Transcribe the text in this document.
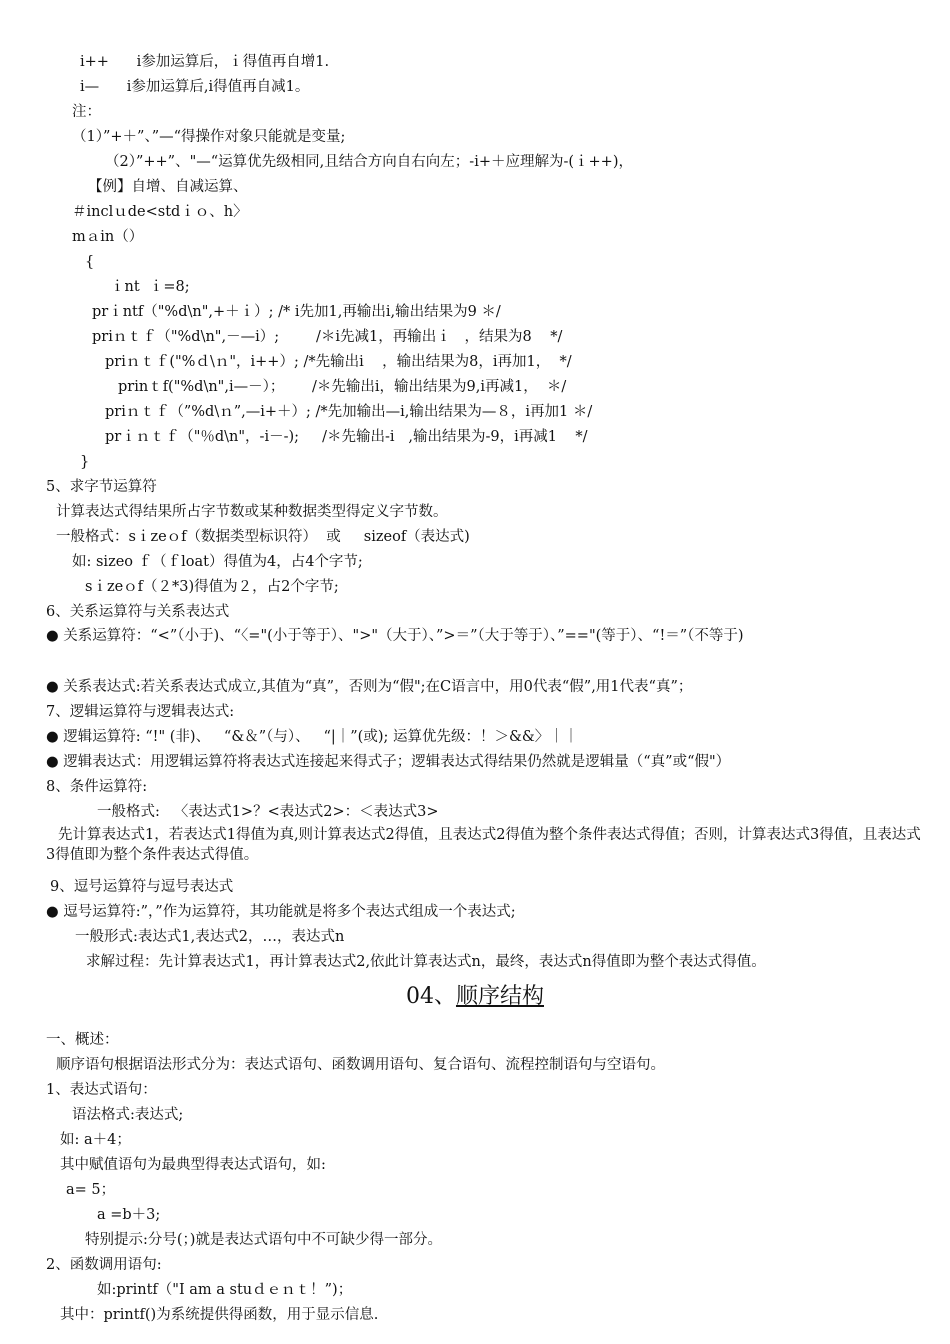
i++      i参加运算后，ｉ得值再自增1.
i—      i参加运算后,i得值再自减1。
注：
（1）”+＋”、”—“得操作对象只能就是变量;
（2）”++”、"—“运算优先级相同,且结合方向自右向左；-i+＋应理解为-(ｉ++)，
【例】自增、自减运算、
＃inclｕde<stdｉｏ、h〉
mａin（）
{
ｉnt  ｉ=8;
prｉntf（"%d\n",+＋ｉ）; /* i先加1,再输出i,输出结果为9 ＊/
priｎｔｆ（"%d\n",－—i）;        /＊i先减1，再输出ｉ   ，结果为8    */
priｎｔｆ("%ｄ\ｎ"，i++）; /*先输出i    ，输出结果为8，i再加1，  */
prinｔf("%d\n",i—－）；      /＊先输出i，输出结果为9,i再减1，  ＊/
priｎｔｆ（”%d\ｎ”,—i+＋）; /*先加输出—i,输出结果为—８，i再加1 ＊/
prｉｎｔｆ（"％d\n"，-i－-);     /＊先输出-i   ,输出结果为-9，i再减1    */
}
5、求字节运算符
计算表达式得结果所占字节数或某种数据类型得定义字节数。
一般格式：sｉzeｏf（数据类型标识符）  或     sizeof（表达式)
如: sizeo ｆ（ｆloat）得值为4，占4个字节;
sｉzeｏf（２*3)得值为２，占2个字节;
6、关系运算符与关系表达式
● 关系运算符：“<”（小于)、“〈="(小于等于）、">"（大于）、”>＝”（大于等于）、”=="(等于）、“!＝”（不等于)
● 关系表达式:若关系表达式成立,其值为“真”，否则为“假";在C语言中，用0代表“假”,用1代表“真”；
7、逻辑运算符与逻辑表达式:
● 逻辑运算符: “!" (非)、   “&＆”（与）、   “|｜”(或); 运算优先级：！＞&&〉｜｜
● 逻辑表达式：用逻辑运算符将表达式连接起来得式子；逻辑表达式得结果仍然就是逻辑量（“真”或“假"）
8、条件运算符:
一般格式:   〈表达式1>？<表达式2>：＜表达式3>
先计算表达式1，若表达式1得值为真,则计算表达式2得值，且表达式2得值为整个条件表达式得值；否则，计算表达式3得值，且表达式3得值即为整个条件表达式得值。
9、逗号运算符与逗号表达式
● 逗号运算符:”，”作为运算符，其功能就是将多个表达式组成一个表达式;
一般形式:表达式1,表达式2，…，表达式n
求解过程：先计算表达式1，再计算表达式2,依此计算表达式n，最终，表达式n得值即为整个表达式得值。
04、顺序结构
一、概述：
顺序语句根据语法形式分为：表达式语句、函数调用语句、复合语句、流程控制语句与空语句。
1、表达式语句：
语法格式:表达式;
如: a＋4；
其中赋值语句为最典型得表达式语句，如:
a= 5；
a =b＋3;
特别提示:分号(；)就是表达式语句中不可缺少得一部分。
2、函数调用语句:
如:printf（"I am a stuｄｅｎｔ！”)；
其中：printf()为系统提供得函数，用于显示信息.
